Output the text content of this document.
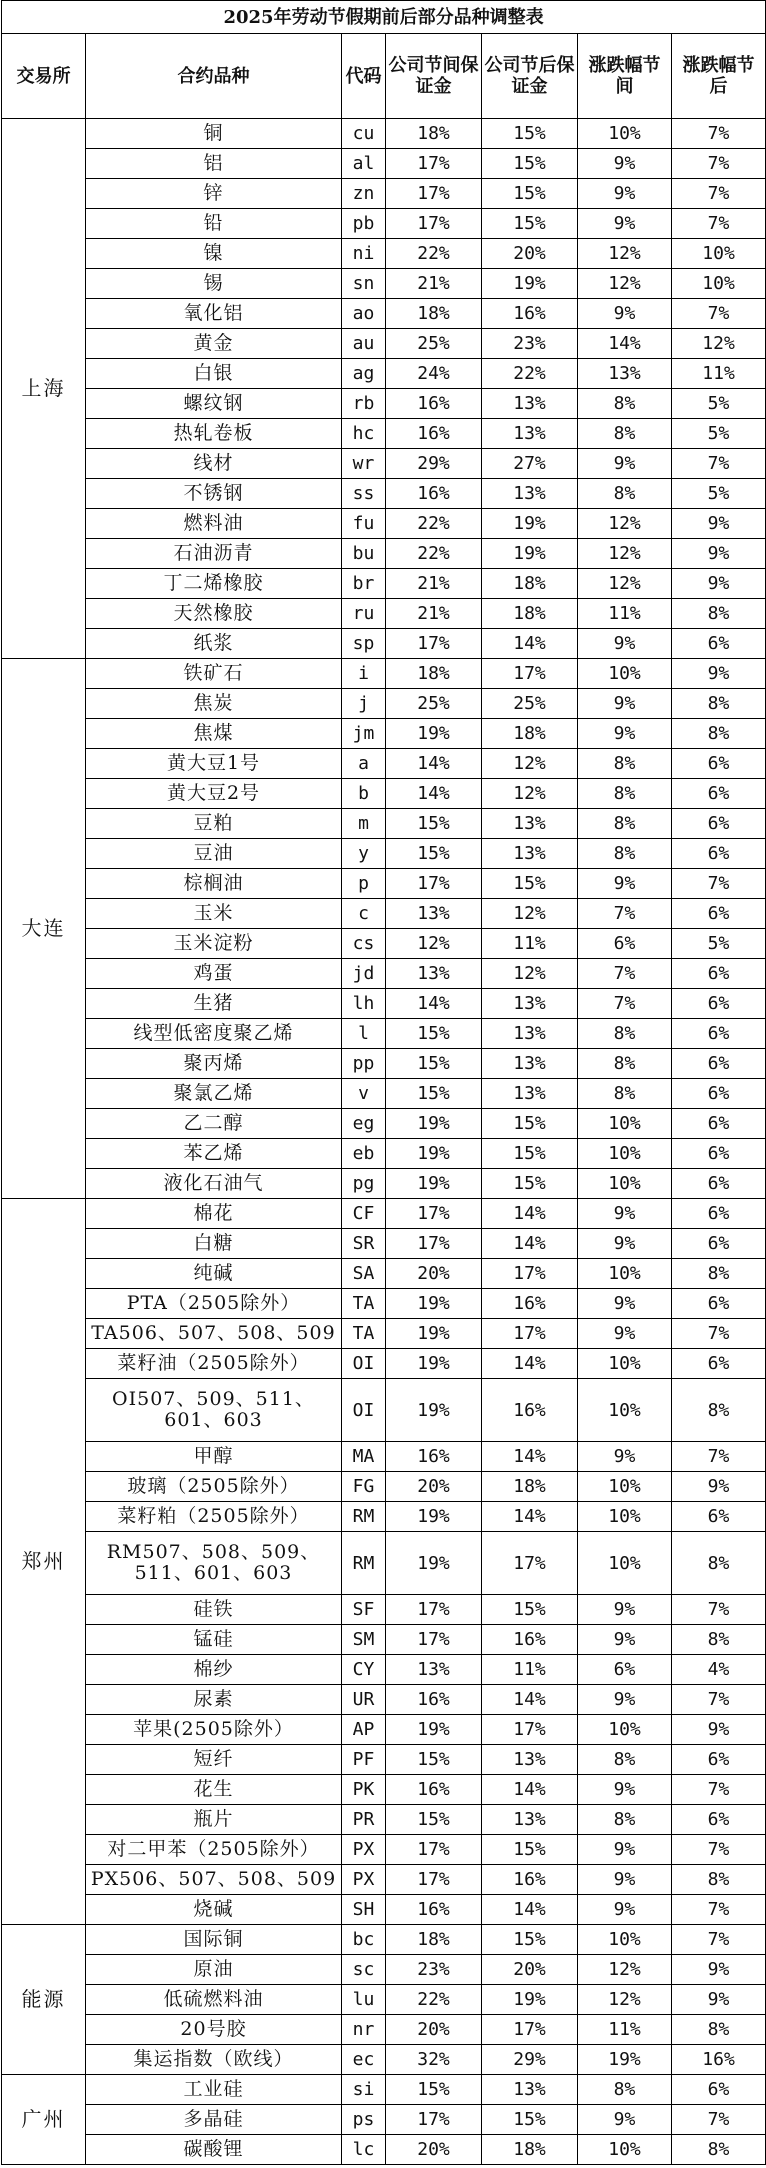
2025年劳动节假期前后部分品种调整表						
交易所	合约品种	代码	公司节间保证金	公司节后保证金	涨跌幅节间	涨跌幅节后
上海	铜	cu	18%	15%	10%	7%
	铝	al	17%	15%	9%	7%
	锌	zn	17%	15%	9%	7%
	铅	pb	17%	15%	9%	7%
	镍	ni	22%	20%	12%	10%
	锡	sn	21%	19%	12%	10%
	氧化铝	ao	18%	16%	9%	7%
	黄金	au	25%	23%	14%	12%
	白银	ag	24%	22%	13%	11%
	螺纹钢	rb	16%	13%	8%	5%
	热轧卷板	hc	16%	13%	8%	5%
	线材	wr	29%	27%	9%	7%
	不锈钢	ss	16%	13%	8%	5%
	燃料油	fu	22%	19%	12%	9%
	石油沥青	bu	22%	19%	12%	9%
	丁二烯橡胶	br	21%	18%	12%	9%
	天然橡胶	ru	21%	18%	11%	8%
	纸浆	sp	17%	14%	9%	6%
大连	铁矿石	i	18%	17%	10%	9%
	焦炭	j	25%	25%	9%	8%
	焦煤	jm	19%	18%	9%	8%
	黄大豆1号	a	14%	12%	8%	6%
	黄大豆2号	b	14%	12%	8%	6%
	豆粕	m	15%	13%	8%	6%
	豆油	y	15%	13%	8%	6%
	棕榈油	p	17%	15%	9%	7%
	玉米	c	13%	12%	7%	6%
	玉米淀粉	cs	12%	11%	6%	5%
	鸡蛋	jd	13%	12%	7%	6%
	生猪	lh	14%	13%	7%	6%
	线型低密度聚乙烯	l	15%	13%	8%	6%
	聚丙烯	pp	15%	13%	8%	6%
	聚氯乙烯	v	15%	13%	8%	6%
	乙二醇	eg	19%	15%	10%	6%
	苯乙烯	eb	19%	15%	10%	6%
	液化石油气	pg	19%	15%	10%	6%
郑州	棉花	CF	17%	14%	9%	6%
	白糖	SR	17%	14%	9%	6%
	纯碱	SA	20%	17%	10%	8%
	PTA（2505除外）	TA	19%	16%	9%	6%
	TA506、507、508、509	TA	19%	17%	9%	7%
	菜籽油（2505除外）	OI	19%	14%	10%	6%
	OI507、509、511、601、603	OI	19%	16%	10%	8%
	甲醇	MA	16%	14%	9%	7%
	玻璃（2505除外）	FG	20%	18%	10%	9%
	菜籽粕（2505除外）	RM	19%	14%	10%	6%
	RM507、508、509、511、601、603	RM	19%	17%	10%	8%
	硅铁	SF	17%	15%	9%	7%
	锰硅	SM	17%	16%	9%	8%
	棉纱	CY	13%	11%	6%	4%
	尿素	UR	16%	14%	9%	7%
	苹果(2505除外）	AP	19%	17%	10%	9%
	短纤	PF	15%	13%	8%	6%
	花生	PK	16%	14%	9%	7%
	瓶片	PR	15%	13%	8%	6%
	对二甲苯（2505除外）	PX	17%	15%	9%	7%
	PX506、507、508、509	PX	17%	16%	9%	8%
	烧碱	SH	16%	14%	9%	7%
能源	国际铜	bc	18%	15%	10%	7%
	原油	sc	23%	20%	12%	9%
	低硫燃料油	lu	22%	19%	12%	9%
	20号胶	nr	20%	17%	11%	8%
	集运指数（欧线）	ec	32%	29%	19%	16%
广州	工业硅	si	15%	13%	8%	6%
	多晶硅	ps	17%	15%	9%	7%
	碳酸锂	lc	20%	18%	10%	8%
